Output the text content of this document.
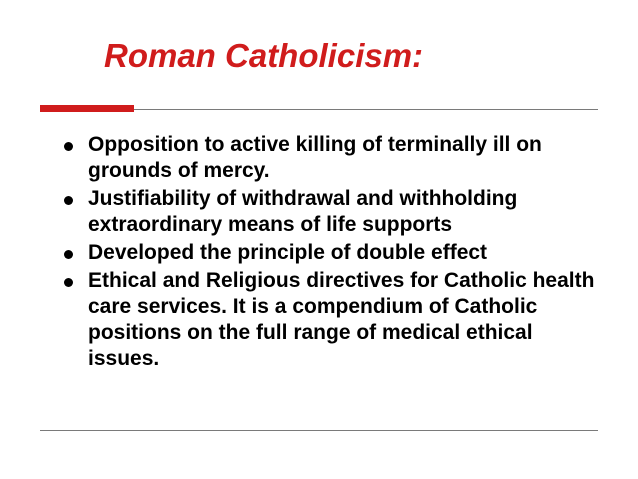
Roman Catholicism:
Opposition to active killing of terminally ill on grounds of mercy.
Justifiability of withdrawal and withholding extraordinary means of life supports
Developed the principle of double effect
Ethical and Religious directives for Catholic health care services. It is a compendium of Catholic positions on the full range of medical ethical issues.
